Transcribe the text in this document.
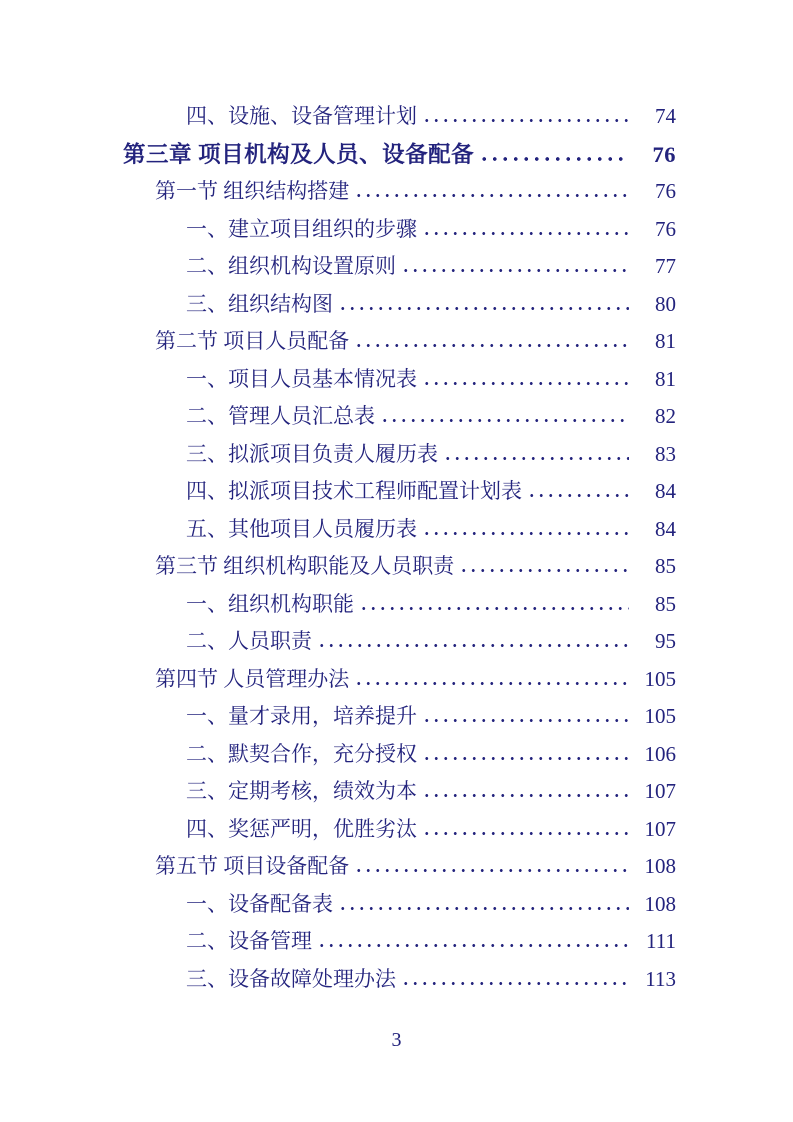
四、设施、设备管理计划	74
第三章 项目机构及人员、设备配备	76
第一节 组织结构搭建	76
一、建立项目组织的步骤	76
二、组织机构设置原则	77
三、组织结构图	80
第二节 项目人员配备	81
一、项目人员基本情况表	81
二、管理人员汇总表	82
三、拟派项目负责人履历表	83
四、拟派项目技术工程师配置计划表	84
五、其他项目人员履历表	84
第三节 组织机构职能及人员职责	85
一、组织机构职能	85
二、人员职责	95
第四节 人员管理办法	105
一、量才录用，培养提升	105
二、默契合作，充分授权	106
三、定期考核，绩效为本	107
四、奖惩严明，优胜劣汰	107
第五节 项目设备配备	108
一、设备配备表	108
二、设备管理	111
三、设备故障处理办法	113
3
